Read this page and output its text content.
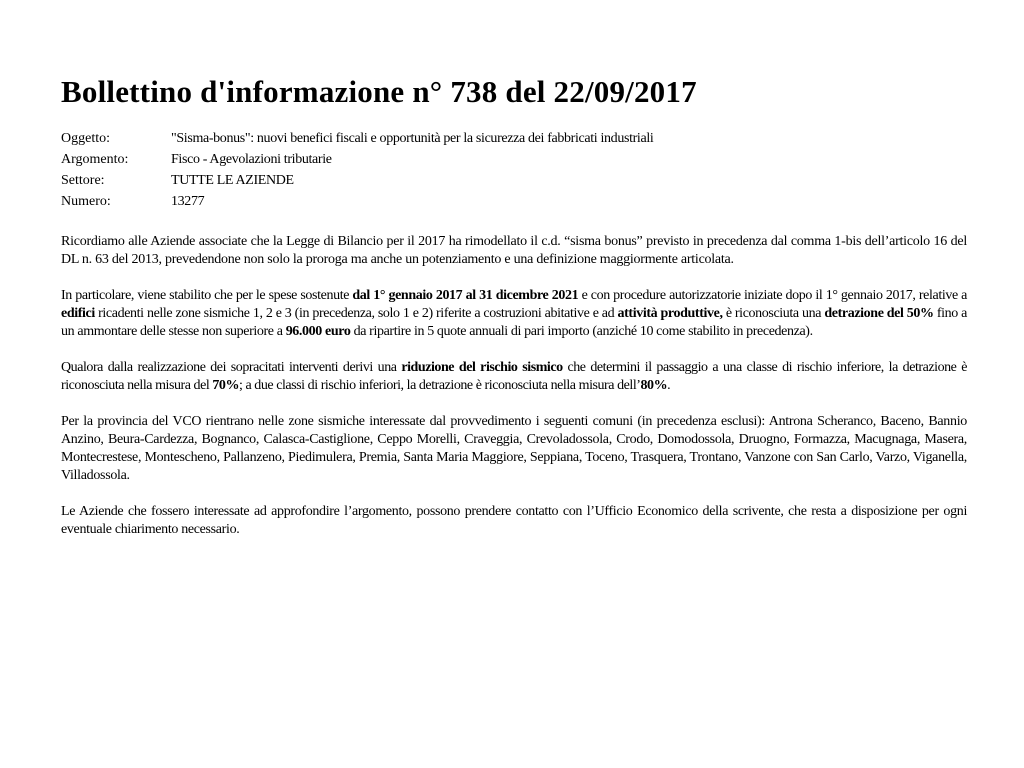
Bollettino d'informazione n° 738 del 22/09/2017
Oggetto:	"Sisma-bonus": nuovi benefici fiscali e opportunità per la sicurezza dei fabbricati industriali
Argomento:	Fisco - Agevolazioni tributarie
Settore:	TUTTE LE AZIENDE
Numero:	13277

Ricordiamo alle Aziende associate che la Legge di Bilancio per il 2017 ha rimodellato il c.d. “sisma bonus” previsto in precedenza dal comma 1-bis dell’articolo 16 del DL n. 63 del 2013, prevedendone non solo la proroga ma anche un potenziamento e una definizione maggiormente articolata.

In particolare, viene stabilito che per le spese sostenute dal 1° gennaio 2017 al 31 dicembre 2021 e con procedure autorizzatorie iniziate dopo il 1° gennaio 2017, relative a edifici ricadenti nelle zone sismiche 1, 2 e 3 (in precedenza, solo 1 e 2) riferite a costruzioni abitative e ad attività produttive, è riconosciuta una detrazione del 50% fino a un ammontare delle stesse non superiore a 96.000 euro da ripartire in 5 quote annuali di pari importo (anziché 10 come stabilito in precedenza).

Qualora dalla realizzazione dei sopracitati interventi derivi una riduzione del rischio sismico che determini il passaggio a una classe di rischio inferiore, la detrazione è riconosciuta nella misura del 70%; a due classi di rischio inferiori, la detrazione è riconosciuta nella misura dell’80%.

Per la provincia del VCO rientrano nelle zone sismiche interessate dal provvedimento i seguenti comuni (in precedenza esclusi): Antrona Scheranco, Baceno, Bannio Anzino, Beura-Cardezza, Bognanco, Calasca-Castiglione, Ceppo Morelli, Craveggia, Crevoladossola, Crodo, Domodossola, Druogno, Formazza, Macugnaga, Masera, Montecrestese, Montescheno, Pallanzeno, Piedimulera, Premia, Santa Maria Maggiore, Seppiana, Toceno, Trasquera, Trontano, Vanzone con San Carlo, Varzo, Viganella, Villadossola.

Le Aziende che fossero interessate ad approfondire l’argomento, possono prendere contatto con l’Ufficio Economico della scrivente, che resta a disposizione per ogni eventuale chiarimento necessario.
